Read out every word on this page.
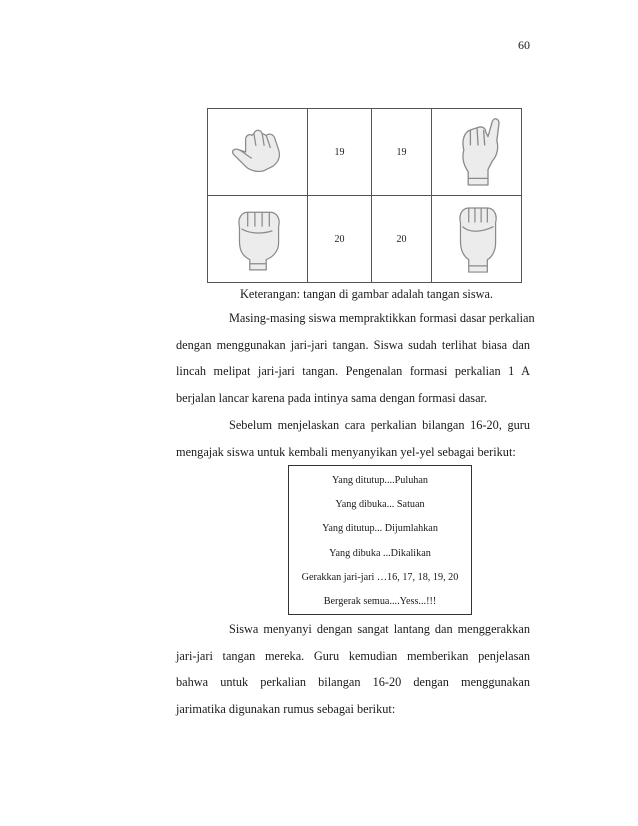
60
	19	19	

	20	20	
Keterangan: tangan di gambar adalah tangan siswa.
Masing-masing siswa mempraktikkan formasi dasar perkalian
dengan menggunakan jari-jari tangan. Siswa sudah terlihat biasa dan
lincah melipat jari-jari tangan. Pengenalan formasi perkalian 1 A
berjalan lancar karena pada intinya sama dengan formasi dasar.
Sebelum menjelaskan cara perkalian bilangan 16-20, guru
mengajak siswa untuk kembali menyanyikan yel-yel sebagai berikut:
Yang ditutup....Puluhan
Yang dibuka... Satuan
Yang ditutup... Dijumlahkan
Yang dibuka ...Dikalikan
Gerakkan jari-jari …16, 17, 18, 19, 20
Bergerak semua....Yess...!!!
Siswa menyanyi dengan sangat lantang dan menggerakkan
jari-jari tangan mereka. Guru kemudian memberikan penjelasan
bahwa untuk perkalian bilangan 16-20 dengan menggunakan
jarimatika digunakan rumus sebagai berikut:
